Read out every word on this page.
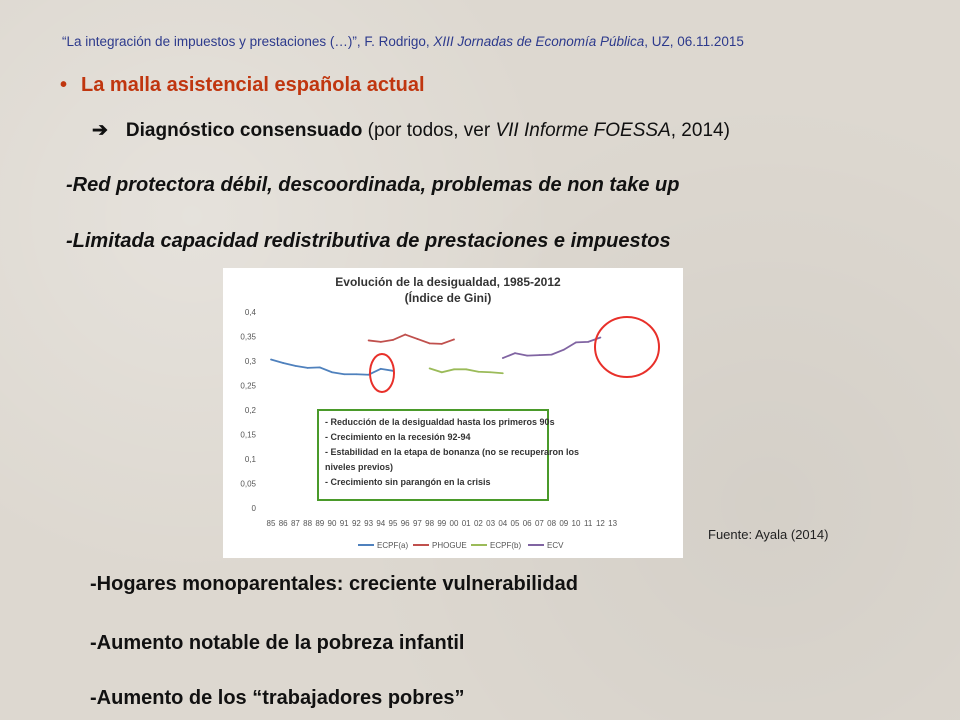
“La integración de impuestos y prestaciones (…)”, F. Rodrigo, XIII Jornadas de Economía Pública, UZ, 06.11.2015
• La malla asistencial española actual
➔ Diagnóstico consensuado (por todos, ver VII Informe FOESSA, 2014)
-Red protectora débil, descoordinada, problemas de non take up
-Limitada capacidad redistributiva de prestaciones e impuestos
Evolución de la desigualdad, 1985-2012
(Índice de Gini)
0
0,05
0,1
0,15
0,2
0,25
0,3
0,35
0,4
85 86 87 88 89 90 91 92 93 94 95 96 97 98 99 00 01 02 03 04 05 06 07 08 09 10 11 12 13
- Reducción de la desigualdad hasta los primeros 90s
- Crecimiento en la recesión 92-94
- Estabilidad en la etapa de bonanza (no se recuperaron los
niveles previos)
- Crecimiento sin parangón en la crisis
ECPF(a)	PHOGUE	ECPF(b)	ECV
Fuente: Ayala (2014)
-Hogares monoparentales: creciente vulnerabilidad
-Aumento notable de la pobreza infantil
-Aumento de los “trabajadores pobres”
